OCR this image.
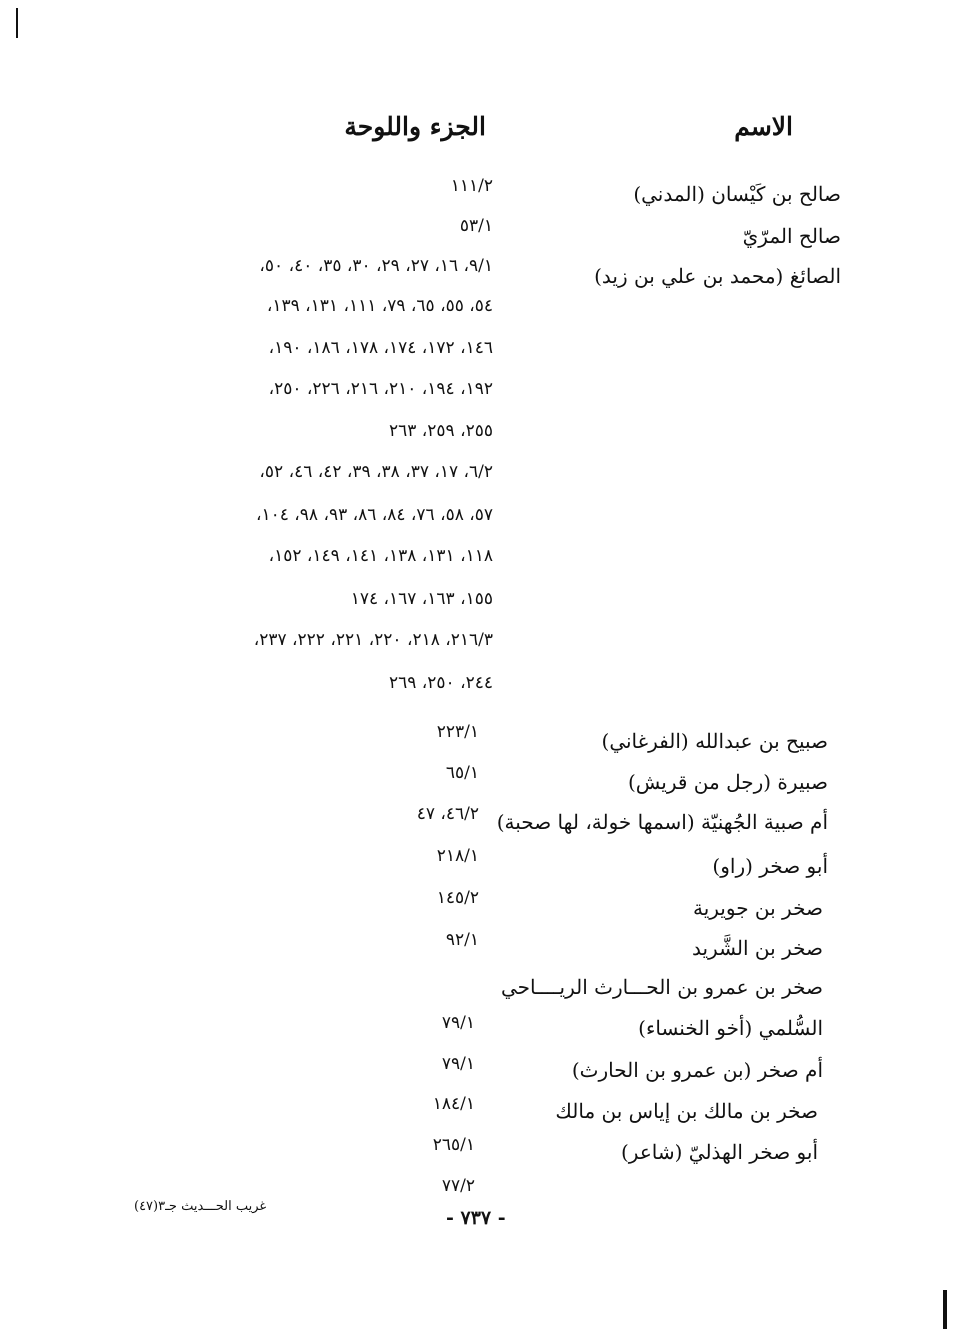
الاسم
الجزء واللوحة
صالح بن كَيْسان (المدني)
صالح المرّيّ
الصائغ (محمد بن علي بن زيد)
صبيح بن عبدالله (الفرغاني)
صبيرة (رجل من قريش)
أم صبية الجُهنيّة (اسمها خولة، لها صحبة)
أبو صخر (راو)
صخر بن جويرية
صخر بن الشَّريد
صخر بن عمرو بن الحـــارث الريــــاحي
السُّلمي (أخو الخنساء)
أم صخر (بن عمرو بن الحارث)
صخر بن مالك بن إياس بن مالك
أبو صخر الهذليّ (شاعر)
١١١/٢
٥٣/١
٩/١، ١٦، ٢٧، ٢٩، ٣٠، ٣٥، ٤٠، ٥٠،
٥٤، ٥٥، ٦٥، ٧٩، ١١١، ١٣١، ١٣٩،
١٤٦، ١٧٢، ١٧٤، ١٧٨، ١٨٦، ١٩٠،
١٩٢، ١٩٤، ٢١٠، ٢١٦، ٢٢٦، ٢٥٠،
٢٥٥، ٢٥٩، ٢٦٣
٦/٢، ١٧، ٣٧، ٣٨، ٣٩، ٤٢، ٤٦، ٥٢،
٥٧، ٥٨، ٧٦، ٨٤، ٨٦، ٩٣، ٩٨، ١٠٤،
١١٨، ١٣١، ١٣٨، ١٤١، ١٤٩، ١٥٢،
١٥٥، ١٦٣، ١٦٧، ١٧٤
٢١٦/٣، ٢١٨، ٢٢٠، ٢٢١، ٢٢٢، ٢٣٧،
٢٤٤، ٢٥٠، ٢٦٩
٢٢٣/١
٦٥/١
٤٦/٢، ٤٧
٢١٨/١
١٤٥/٢
٩٢/١
٧٩/١
٧٩/١
١٨٤/١
٢٦٥/١
٧٧/٢
غريب الحـــديث جـ٣(٤٧)
- ٧٣٧ -
